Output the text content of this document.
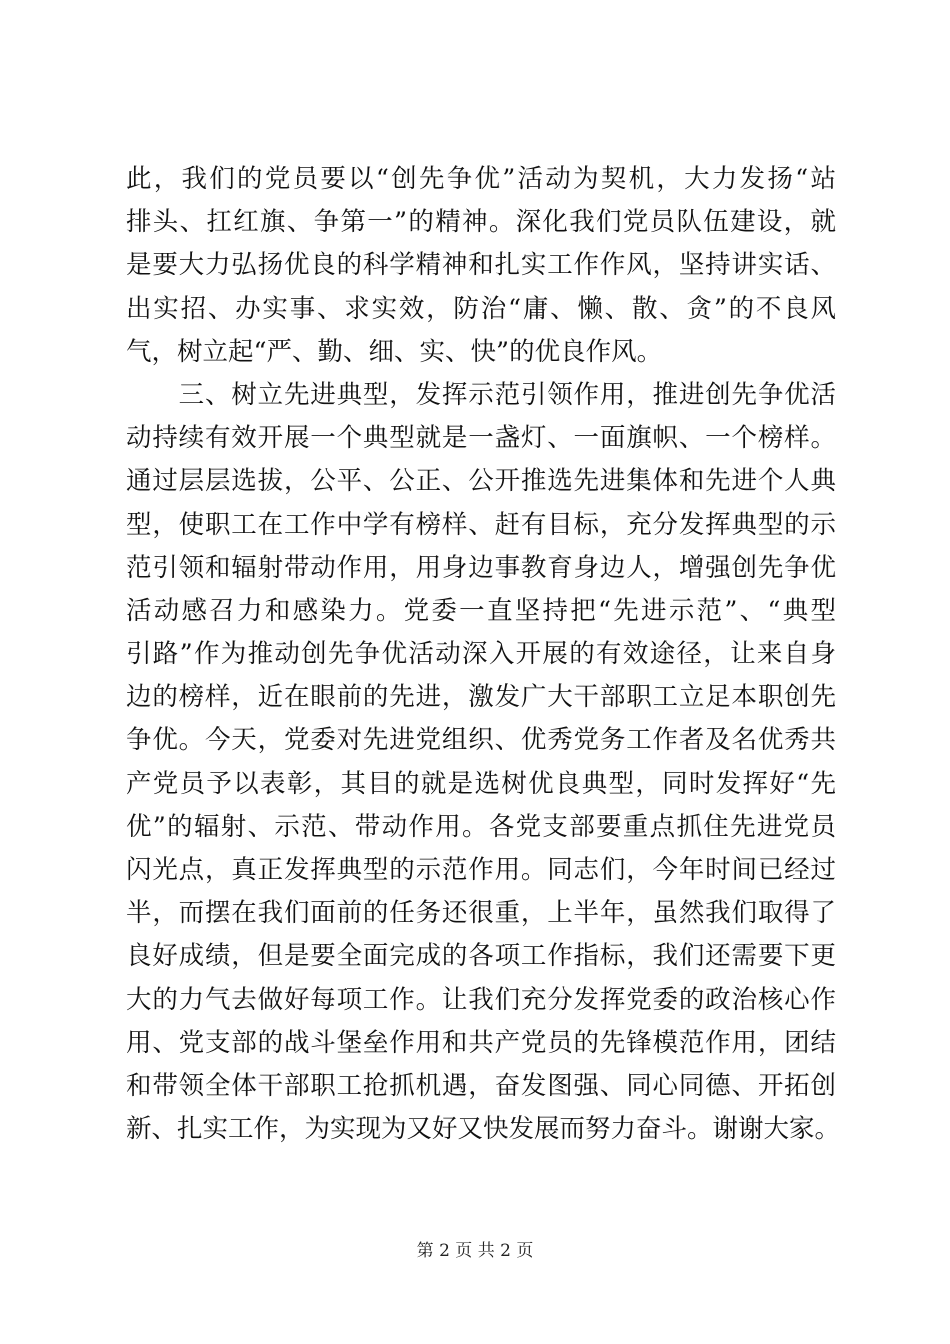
此，我们的党员要以“创先争优”活动为契机，大力发扬“站
排头、扛红旗、争第一”的精神。深化我们党员队伍建设，就
是要大力弘扬优良的科学精神和扎实工作作风，坚持讲实话、
出实招、办实事、求实效，防治“庸、懒、散、贪”的不良风
气，树立起“严、勤、细、实、快”的优良作风。
　　三、树立先进典型，发挥示范引领作用，推进创先争优活
动持续有效开展一个典型就是一盏灯、一面旗帜、一个榜样。
通过层层选拔，公平、公正、公开推选先进集体和先进个人典
型，使职工在工作中学有榜样、赶有目标，充分发挥典型的示
范引领和辐射带动作用，用身边事教育身边人，增强创先争优
活动感召力和感染力。党委一直坚持把“先进示范”、“典型
引路”作为推动创先争优活动深入开展的有效途径，让来自身
边的榜样，近在眼前的先进，激发广大干部职工立足本职创先
争优。今天，党委对先进党组织、优秀党务工作者及名优秀共
产党员予以表彰，其目的就是选树优良典型，同时发挥好“先
优”的辐射、示范、带动作用。各党支部要重点抓住先进党员
闪光点，真正发挥典型的示范作用。同志们，今年时间已经过
半，而摆在我们面前的任务还很重，上半年，虽然我们取得了
良好成绩，但是要全面完成的各项工作指标，我们还需要下更
大的力气去做好每项工作。让我们充分发挥党委的政治核心作
用、党支部的战斗堡垒作用和共产党员的先锋模范作用，团结
和带领全体干部职工抢抓机遇，奋发图强、同心同德、开拓创
新、扎实工作，为实现为又好又快发展而努力奋斗。谢谢大家。
第 2 页 共 2 页
